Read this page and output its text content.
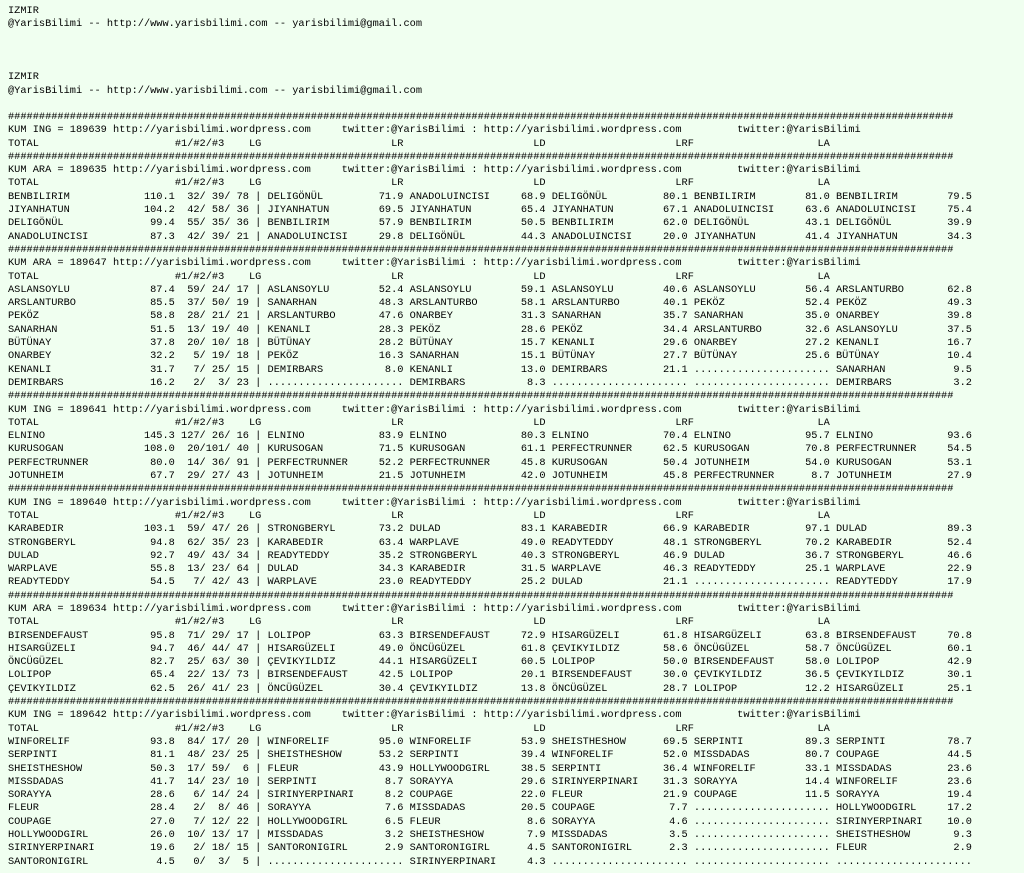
IZMIR
@YarisBilimi -- http://www.yarisbilimi.com -- yarisbilimi@gmail.com

IZMIR
@YarisBilimi -- http://www.yarisbilimi.com -- yarisbilimi@gmail.com
#########################################################################################################################################################
KUM ING = 189639 http://yarisbilimi.wordpress.com     twitter:@YarisBilimi : http://yarisbilimi.wordpress.com         twitter:@YarisBilimi
TOTAL                      #1/#2/#3    LG                     LR                     LD                     LRF                    LA
#########################################################################################################################################################
KUM ARA = 189635 http://yarisbilimi.wordpress.com     twitter:@YarisBilimi : http://yarisbilimi.wordpress.com         twitter:@YarisBilimi
TOTAL                      #1/#2/#3    LG                     LR                     LD                     LRF                    LA
BENBILIRIM            110.1  32/ 39/ 78 | DELIGÖNÜL         71.9 ANADOLUINCISI     68.9 DELIGÖNÜL         80.1 BENBILIRIM        81.0 BENBILIRIM        79.5
JIYANHATUN            104.2  42/ 58/ 36 | JIYANHATUN        69.5 JIYANHATUN        65.4 JIYANHATUN        67.1 ANADOLUINCISI     63.6 ANADOLUINCISI     75.4
DELIGÖNÜL              99.4  55/ 35/ 36 | BENBILIRIM        57.9 BENBILIRIM        50.5 BENBILIRIM        62.0 DELIGÖNÜL         43.1 DELIGÖNÜL         39.9
ANADOLUINCISI          87.3  42/ 39/ 21 | ANADOLUINCISI     29.8 DELIGÖNÜL         44.3 ANADOLUINCISI     20.0 JIYANHATUN        41.4 JIYANHATUN        34.3
#########################################################################################################################################################
KUM ARA = 189647 http://yarisbilimi.wordpress.com     twitter:@YarisBilimi : http://yarisbilimi.wordpress.com         twitter:@YarisBilimi
TOTAL                      #1/#2/#3    LG                     LR                     LD                     LRF                    LA
ASLANSOYLU             87.4  59/ 24/ 17 | ASLANSOYLU        52.4 ASLANSOYLU        59.1 ASLANSOYLU        40.6 ASLANSOYLU        56.4 ARSLANTURBO       62.8
ARSLANTURBO            85.5  37/ 50/ 19 | SANARHAN          48.3 ARSLANTURBO       58.1 ARSLANTURBO       40.1 PEKÖZ             52.4 PEKÖZ             49.3
PEKÖZ                  58.8  28/ 21/ 21 | ARSLANTURBO       47.6 ONARBEY           31.3 SANARHAN          35.7 SANARHAN          35.0 ONARBEY           39.8
SANARHAN               51.5  13/ 19/ 40 | KENANLI           28.3 PEKÖZ             28.6 PEKÖZ             34.4 ARSLANTURBO       32.6 ASLANSOYLU        37.5
BÜTÜNAY                37.8  20/ 10/ 18 | BÜTÜNAY           28.2 BÜTÜNAY           15.7 KENANLI           29.6 ONARBEY           27.2 KENANLI           16.7
ONARBEY                32.2   5/ 19/ 18 | PEKÖZ             16.3 SANARHAN          15.1 BÜTÜNAY           27.7 BÜTÜNAY           25.6 BÜTÜNAY           10.4
KENANLI                31.7   7/ 25/ 15 | DEMIRBARS          8.0 KENANLI           13.0 DEMIRBARS         21.1 ...................... SANARHAN           9.5
DEMIRBARS              16.2   2/  3/ 23 | ...................... DEMIRBARS          8.3 ...................... ...................... DEMIRBARS          3.2
#########################################################################################################################################################
KUM ING = 189641 http://yarisbilimi.wordpress.com     twitter:@YarisBilimi : http://yarisbilimi.wordpress.com         twitter:@YarisBilimi
TOTAL                      #1/#2/#3    LG                     LR                     LD                     LRF                    LA
ELNINO                145.3 127/ 26/ 16 | ELNINO            83.9 ELNINO            80.3 ELNINO            70.4 ELNINO            95.7 ELNINO            93.6
KURUSOGAN             108.0  20/101/ 40 | KURUSOGAN         71.5 KURUSOGAN         61.1 PERFECTRUNNER     62.5 KURUSOGAN         70.8 PERFECTRUNNER     54.5
PERFECTRUNNER          80.0  14/ 36/ 91 | PERFECTRUNNER     52.2 PERFECTRUNNER     45.8 KURUSOGAN         50.4 JOTUNHEIM         54.0 KURUSOGAN         53.1
JOTUNHEIM              67.7  29/ 27/ 43 | JOTUNHEIM         21.5 JOTUNHEIM         42.0 JOTUNHEIM         45.8 PERFECTRUNNER      8.7 JOTUNHEIM         27.9
#########################################################################################################################################################
KUM ING = 189640 http://yarisbilimi.wordpress.com     twitter:@YarisBilimi : http://yarisbilimi.wordpress.com         twitter:@YarisBilimi
TOTAL                      #1/#2/#3    LG                     LR                     LD                     LRF                    LA
KARABEDIR             103.1  59/ 47/ 26 | STRONGBERYL       73.2 DULAD             83.1 KARABEDIR         66.9 KARABEDIR         97.1 DULAD             89.3
STRONGBERYL            94.8  62/ 35/ 23 | KARABEDIR         63.4 WARPLAVE          49.0 READYTEDDY        48.1 STRONGBERYL       70.2 KARABEDIR         52.4
DULAD                  92.7  49/ 43/ 34 | READYTEDDY        35.2 STRONGBERYL       40.3 STRONGBERYL       46.9 DULAD             36.7 STRONGBERYL       46.6
WARPLAVE               55.8  13/ 23/ 64 | DULAD             34.3 KARABEDIR         31.5 WARPLAVE          46.3 READYTEDDY        25.1 WARPLAVE          22.9
READYTEDDY             54.5   7/ 42/ 43 | WARPLAVE          23.0 READYTEDDY        25.2 DULAD             21.1 ...................... READYTEDDY        17.9
#########################################################################################################################################################
KUM ARA = 189634 http://yarisbilimi.wordpress.com     twitter:@YarisBilimi : http://yarisbilimi.wordpress.com         twitter:@YarisBilimi
TOTAL                      #1/#2/#3    LG                     LR                     LD                     LRF                    LA
BIRSENDEFAUST          95.8  71/ 29/ 17 | LOLIPOP           63.3 BIRSENDEFAUST     72.9 HISARGÜZELI       61.8 HISARGÜZELI       63.8 BIRSENDEFAUST     70.8
HISARGÜZELI            94.7  46/ 44/ 47 | HISARGÜZELI       49.0 ÖNCÜGÜZEL         61.8 ÇEVIKYILDIZ       58.6 ÖNCÜGÜZEL         58.7 ÖNCÜGÜZEL         60.1
ÖNCÜGÜZEL              82.7  25/ 63/ 30 | ÇEVIKYILDIZ       44.1 HISARGÜZELI       60.5 LOLIPOP           50.0 BIRSENDEFAUST     58.0 LOLIPOP           42.9
LOLIPOP                65.4  22/ 13/ 73 | BIRSENDEFAUST     42.5 LOLIPOP           20.1 BIRSENDEFAUST     30.0 ÇEVIKYILDIZ       36.5 ÇEVIKYILDIZ       30.1
ÇEVIKYILDIZ            62.5  26/ 41/ 23 | ÖNCÜGÜZEL         30.4 ÇEVIKYILDIZ       13.8 ÖNCÜGÜZEL         28.7 LOLIPOP           12.2 HISARGÜZELI       25.1
#########################################################################################################################################################
KUM ING = 189642 http://yarisbilimi.wordpress.com     twitter:@YarisBilimi : http://yarisbilimi.wordpress.com         twitter:@YarisBilimi
TOTAL                      #1/#2/#3    LG                     LR                     LD                     LRF                    LA
WINFORELIF             93.8  84/ 17/ 20 | WINFORELIF        95.0 WINFORELIF        53.9 SHEISTHESHOW      69.5 SERPINTI          89.3 SERPINTI          78.7
SERPINTI               81.1  48/ 23/ 25 | SHEISTHESHOW      53.2 SERPINTI          39.4 WINFORELIF        52.0 MISSDADAS         80.7 COUPAGE           44.5
SHEISTHESHOW           50.3  17/ 59/  6 | FLEUR             43.9 HOLLYWOODGIRL     38.5 SERPINTI          36.4 WINFORELIF        33.1 MISSDADAS         23.6
MISSDADAS              41.7  14/ 23/ 10 | SERPINTI           8.7 SORAYYA           29.6 SIRINYERPINARI    31.3 SORAYYA           14.4 WINFORELIF        23.6
SORAYYA                28.6   6/ 14/ 24 | SIRINYERPINARI     8.2 COUPAGE           22.0 FLEUR             21.9 COUPAGE           11.5 SORAYYA           19.4
FLEUR                  28.4   2/  8/ 46 | SORAYYA            7.6 MISSDADAS         20.5 COUPAGE            7.7 ...................... HOLLYWOODGIRL     17.2
COUPAGE                27.0   7/ 12/ 22 | HOLLYWOODGIRL      6.5 FLEUR              8.6 SORAYYA            4.6 ...................... SIRINYERPINARI    10.0
HOLLYWOODGIRL          26.0  10/ 13/ 17 | MISSDADAS          3.2 SHEISTHESHOW       7.9 MISSDADAS          3.5 ...................... SHEISTHESHOW       9.3
SIRINYERPINARI         19.6   2/ 18/ 15 | SANTORONIGIRL      2.9 SANTORONIGIRL      4.5 SANTORONIGIRL      2.3 ...................... FLEUR              2.9
SANTORONIGIRL           4.5   0/  3/  5 | ...................... SIRINYERPINARI     4.3 ...................... ...................... ......................
